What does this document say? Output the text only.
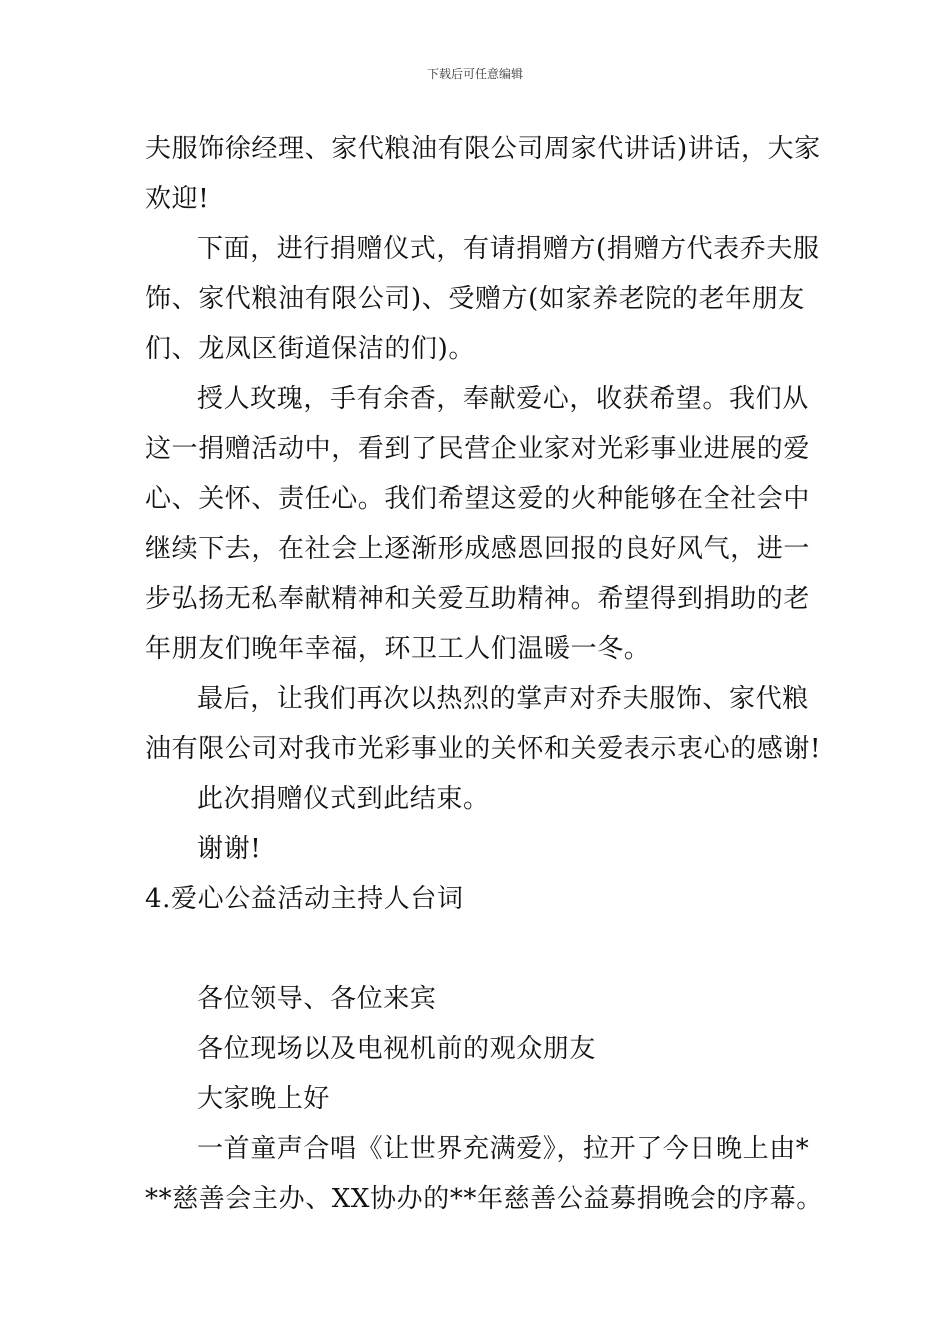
下载后可任意编辑
夫服饰徐经理、家代粮油有限公司周家代讲话)讲话，大家
欢迎!
下面，进行捐赠仪式，有请捐赠方(捐赠方代表乔夫服
饰、家代粮油有限公司)、受赠方(如家养老院的老年朋友
们、龙凤区街道保洁的们)。
授人玫瑰，手有余香，奉献爱心，收获希望。我们从
这一捐赠活动中，看到了民营企业家对光彩事业进展的爱
心、关怀、责任心。我们希望这爱的火种能够在全社会中
继续下去，在社会上逐渐形成感恩回报的良好风气，进一
步弘扬无私奉献精神和关爱互助精神。希望得到捐助的老
年朋友们晚年幸福，环卫工人们温暖一冬。
最后，让我们再次以热烈的掌声对乔夫服饰、家代粮
油有限公司对我市光彩事业的关怀和关爱表示衷心的感谢!
此次捐赠仪式到此结束。
谢谢!
4.爱心公益活动主持人台词
各位领导、各位来宾
各位现场以及电视机前的观众朋友
大家晚上好
一首童声合唱《让世界充满爱》，拉开了今日晚上由*
**慈善会主办、XX协办的**年慈善公益募捐晚会的序幕。
